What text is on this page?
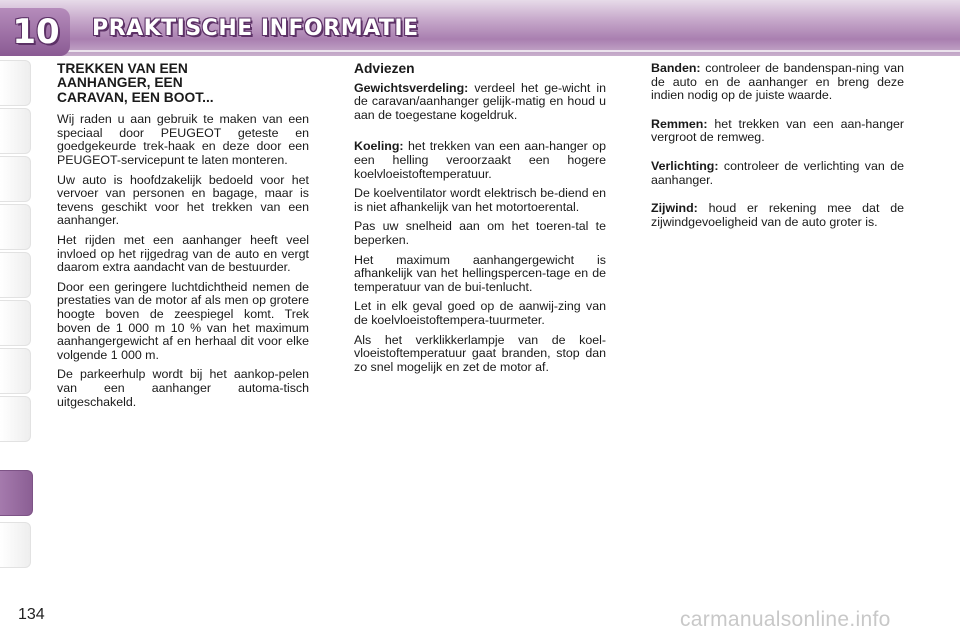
10 PRAKTISCHE INFORMATIE
TREKKEN VAN EEN
AANHANGER, EEN
CARAVAN, EEN BOOT...

Wij raden u aan gebruik te maken van een speciaal door PEUGEOT geteste en goedgekeurde trek-haak en deze door een PEUGEOT-servicepunt te laten monteren.

Uw auto is hoofdzakelijk bedoeld voor het vervoer van personen en bagage, maar is tevens geschikt voor het trekken van een aanhanger.

Het rijden met een aanhanger heeft veel invloed op het rijgedrag van de auto en vergt daarom extra aandacht van de bestuurder.

Door een geringere luchtdichtheid nemen de prestaties van de motor af als men op grotere hoogte boven de zeespiegel komt. Trek boven de 1 000 m 10 % van het maximum aanhangergewicht af en herhaal dit voor elke volgende 1 000 m.

De parkeerhulp wordt bij het aankop-pelen van een aanhanger automa-tisch uitgeschakeld.

Adviezen

Gewichtsverdeling: verdeel het ge-wicht in de caravan/aanhanger gelijk-matig en houd u aan de toegestane kogeldruk.

Koeling: het trekken van een aan-hanger op een helling veroorzaakt een hogere koelvloeistoftemperatuur.

De koelventilator wordt elektrisch be-diend en is niet afhankelijk van het motortoerental.

Pas uw snelheid aan om het toeren-tal te beperken.

Het maximum aanhangergewicht is afhankelijk van het hellingspercen-tage en de temperatuur van de bui-tenlucht.

Let in elk geval goed op de aanwij-zing van de koelvloeistoftempera-tuurmeter.

Als het verklikkerlampje van de koel-vloeistoftemperatuur gaat branden, stop dan zo snel mogelijk en zet de motor af.

Banden: controleer de bandenspan-ning van de auto en de aanhanger en breng deze indien nodig op de juiste waarde.

Remmen: het trekken van een aan-hanger vergroot de remweg.

Verlichting: controleer de verlichting van de aanhanger.

Zijwind: houd er rekening mee dat de zijwindgevoeligheid van de auto groter is.

134	carmanualsonline.info
